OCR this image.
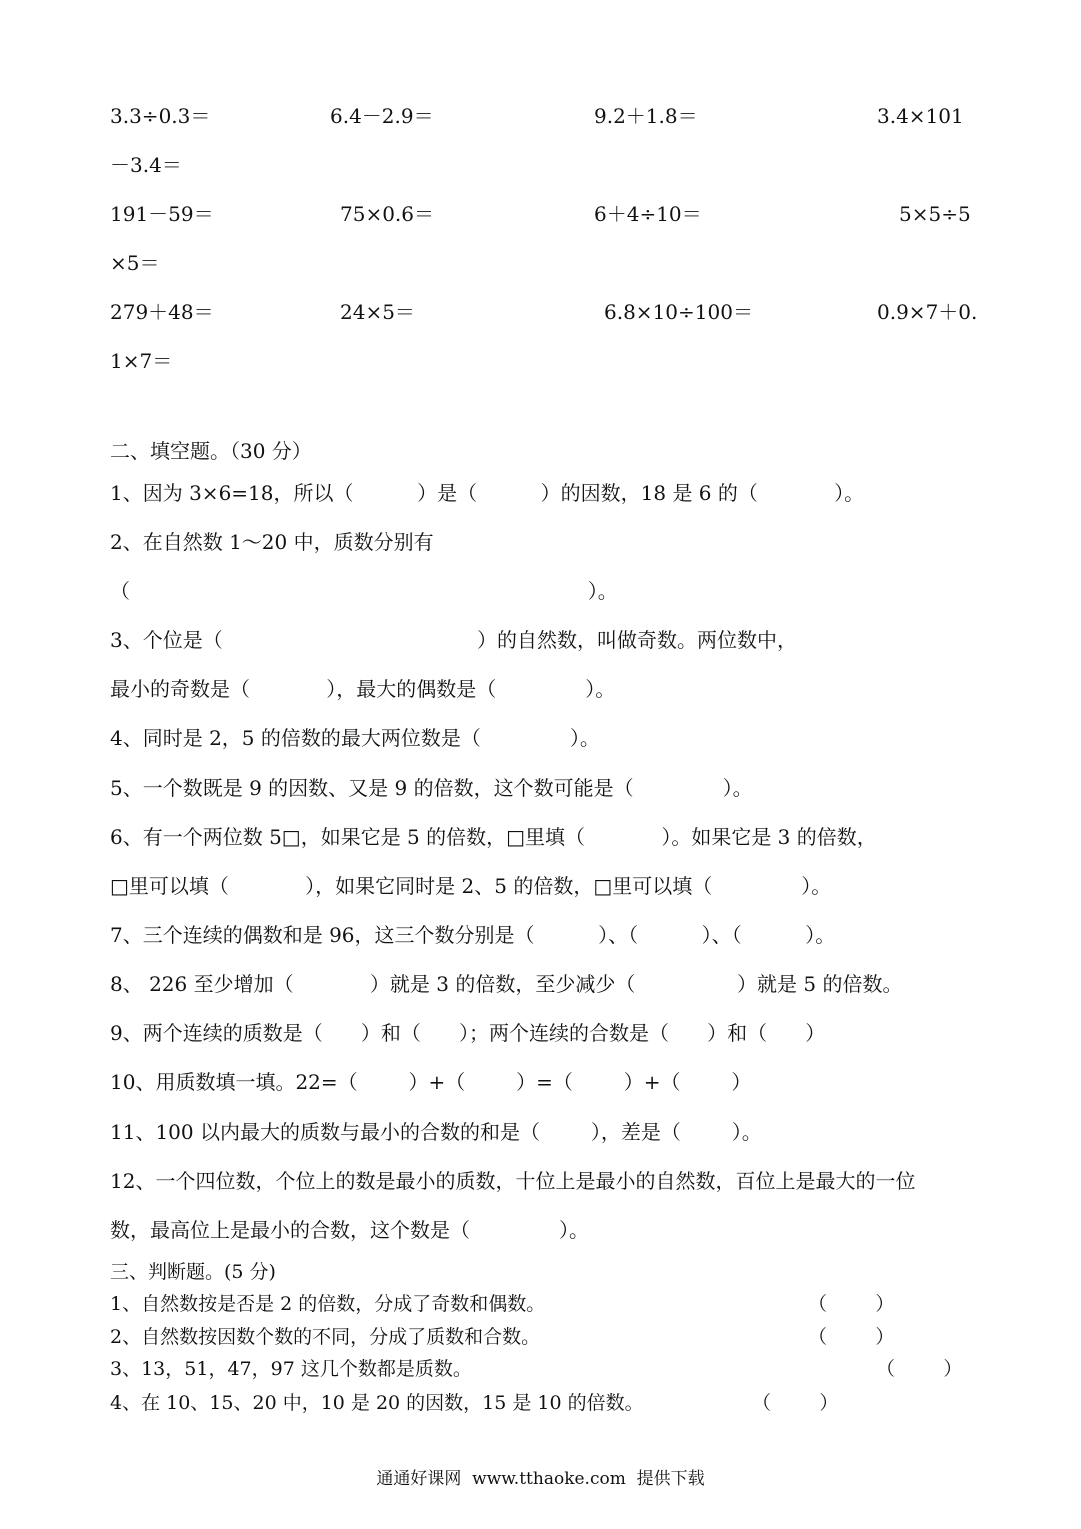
3.3÷0.3＝	6.4－2.9＝	9.2＋1.8＝	3.4×101
－3.4＝
191－59＝	75×0.6＝	6＋4÷10＝	5×5÷5
×5＝
279＋48＝	24×5＝	6.8×10÷100＝	0.9×7＋0.
1×7＝
二、填空题。（30 分）
1、因为 3×6=18，所以（          ）是（          ）的因数，18 是 6 的（            ）。
2、在自然数 1～20 中，质数分别有
（                                                                        ）。
3、个位是（                                        ）的自然数，叫做奇数。两位数中，
最小的奇数是（            ），最大的偶数是（              ）。
4、同时是 2，5 的倍数的最大两位数是（              ）。
5、一个数既是 9 的因数、又是 9 的倍数，这个数可能是（              ）。
6、有一个两位数 5□，如果它是 5 的倍数，□里填（            ）。如果它是 3 的倍数，
□里可以填（            ），如果它同时是 2、5 的倍数，□里可以填（              ）。
7、三个连续的偶数和是 96，这三个数分别是（          ）、（          ）、（          ）。
8、 226 至少增加（            ）就是 3 的倍数，至少减少（                ）就是 5 的倍数。
9、两个连续的质数是（      ）和（      ）；两个连续的合数是（      ）和（      ）
10、用质数填一填。22=（        ）+（        ）=（        ）+（        ）
11、100 以内最大的质数与最小的合数的和是（        ），差是（        ）。
12、一个四位数，个位上的数是最小的质数，十位上是最小的自然数，百位上是最大的一位
数，最高位上是最小的合数，这个数是（              ）。
三、判断题。(5 分)
1、自然数按是否是 2 的倍数，分成了奇数和偶数。	（        ）
2、自然数按因数个数的不同，分成了质数和合数。	（        ）
3、13，51，47，97 这几个数都是质数。	（        ）
4、在 10、15、20 中，10 是 20 的因数，15 是 10 的倍数。	（        ）
通通好课网  www.tthaoke.com  提供下载
